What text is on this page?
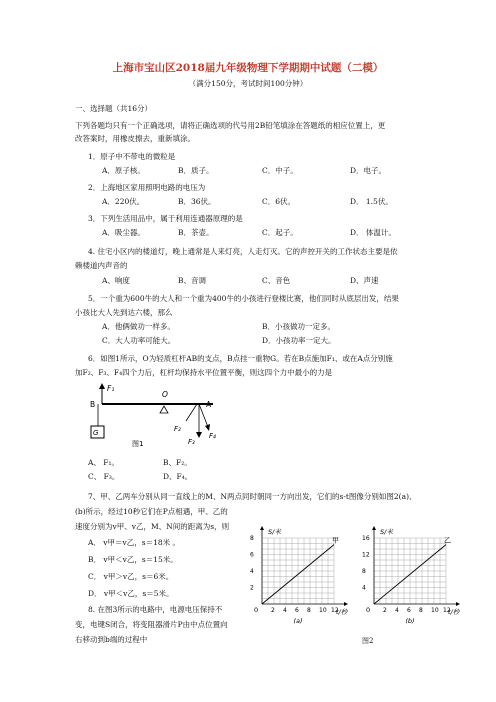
上海市宝山区2018届九年级物理下学期期中试题（二模）
（满分150分，考试时间100分钟）
一、选择题（共16分）
下列各题均只有一个正确选项，请将正确选项的代号用2B铅笔填涂在答题纸的相应位置上，更
改答案时，用橡皮擦去，重新填涂。
1．原子中不带电的微粒是
A．原子核。	B．质子。	C．中子。	D．电子。
2．上海地区家用照明电路的电压为
A．220伏。	B．36伏。	C．6伏。	D． 1.5伏。
3．下列生活用品中，属于利用连通器原理的是
A．吸尘器。	B．茶壶。	C．起子。	D． 体温计。
4. 住宅小区内的楼道灯，晚上通常是人来灯亮，人走灯灭。它的声控开关的工作状态主要是依
赖楼道内声音的
A、响度	B、音调	C、音色	D、声速
5．一个重为600牛的大人和一个重为400牛的小孩进行登楼比赛，他们同时从底层出发，结果
小孩比大人先到达六楼，那么
A．他俩做功一样多。	B．小孩做功一定多。
C．大人功率可能大。	D．小孩功率一定大。
6．如图1所示，O为轻质杠杆AB的支点，B点挂一重物G。若在B点施加F₁、或在A点分别施
加F₂、F₃、F₄四个力后，杠杆均保持水平位置平衡，则这四个力中最小的力是
F₁
B
O
A
G	F₂
F₃
F₄
图1
A、 F₁。	B、F₂。
C、 F₃。	D、F₄。
7、甲、乙两车分别从同一直线上的M、N两点同时朝同一方向出发，它们的s-t图像分别如图2(a)、
(b)所示，经过10秒它们在P点相遇，甲、乙的
速度分别为v甲、v乙，M、N间的距离为s，则
A． v甲＝v乙，s＝18米 。
B． v甲＜v乙，s＝15米。
C． v甲＞v乙，s＝6米。
D． v甲＜v乙，s＝5米。
8. 在图3所示的电路中，电源电压保持不
变，电键S闭合，将变阻器滑片P由中点位置向
右移动到b端的过程中
S/米
t/秒
0 2 4 6 8 10 12
2
4
6
8	甲
(a)
S/米
t/秒
0 2 4 6 8 10 12
4
8
12
16	乙
(b)
图2
